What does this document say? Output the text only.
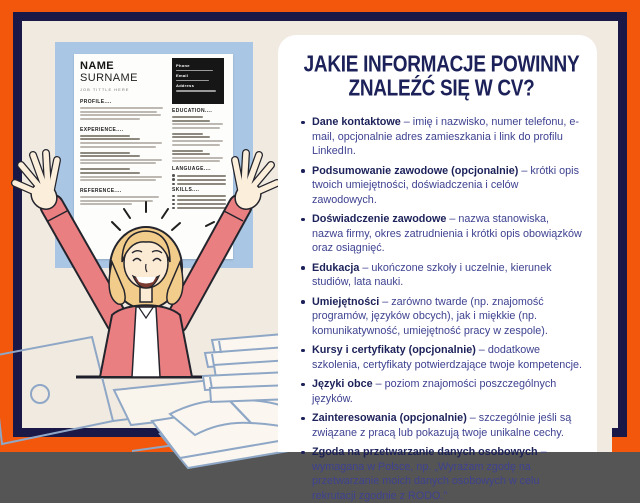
NAME
SURNAME
JOB TITTLE HERE
PROFILE....
EXPERIENCE....
REFERENCE....
Phone
Email
Address
EDUCATION....
LANGUAGE....
SKILLS....
JAKIE INFORMACJE POWINNY
ZNALEŹĆ SIĘ W CV?
Dane kontaktowe – imię i nazwisko, numer telefonu, e-mail, opcjonalnie adres zamieszkania i link do profilu LinkedIn.
Podsumowanie zawodowe (opcjonalnie) – krótki opis twoich umiejętności, doświadczenia i celów zawodowych.
Doświadczenie zawodowe – nazwa stanowiska, nazwa firmy, okres zatrudnienia i krótki opis obowiązków oraz osiągnięć.
Edukacja – ukończone szkoły i uczelnie, kierunek studiów, lata nauki.
Umiejętności – zarówno twarde (np. znajomość programów, języków obcych), jak i miękkie (np. komunikatywność, umiejętność pracy w zespole).
Kursy i certyfikaty (opcjonalnie) – dodatkowe szkolenia, certyfikaty potwierdzające twoje kompetencje.
Języki obce – poziom znajomości poszczególnych języków.
Zainteresowania (opcjonalnie) – szczególnie jeśli są związane z pracą lub pokazują twoje unikalne cechy.
Zgoda na przetwarzanie danych osobowych – wymagana w Polsce, np. „Wyrażam zgodę na przetwarzanie moich danych osobowych w celu rekrutacji zgodnie z RODO."
